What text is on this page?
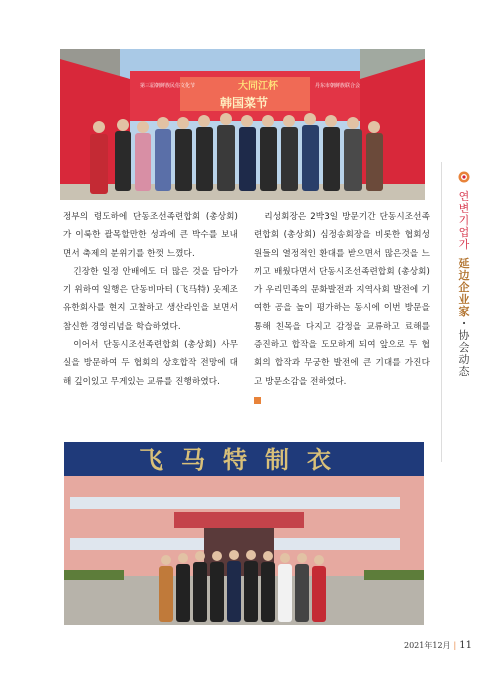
第三届朝鲜族民俗文化节	大同江杯
韩国菜节
丹东市朝鲜族联合会

정부의 령도하에 단동조선족련합회 (총상회) 가 이룩한 괄목할만한 성과에 큰 박수를 보내면서 축제의 분위기를 한껏 느꼈다.

긴장한 일정 안배에도 더 많은 것을 담아가기 위하여 일행은 단동비마터 (飞马特) 옷제조유한회사를 현지 고찰하고 생산라인을 보면서 참신한 경영리념을 학습하였다.

이어서 단동시조선족련합회 (총상회) 사무실을 방문하여 두 협회의 상호합작 전망에 대해 깊이있고 무게있는 교류를 진행하였다.

리성회장은 2박3일 방문기간 단동시조선족련합회 (총상회) 심정송회장을 비롯한 협회성원들의 열정적인 환대를 받으면서 많은것을 느끼고 배웠다면서 단동시조선족련합회 (총상회)가 우리민족의 문화발전과 지역사회 발전에 기여한 공을 높이 평가하는 동시에 이번 방문을 통해 친목을 다지고 감정을 교류하고 료해를 증진하고 합작을 도모하게 되여 앞으로 두 협회의 합작과 무궁한 발전에 큰 기대를 가진다고 방문소감을 전하였다.

飞马特制衣
연
변
기
업
가
延
边
企
业
家
·
协
会
动
态
2021年12月 | 11
